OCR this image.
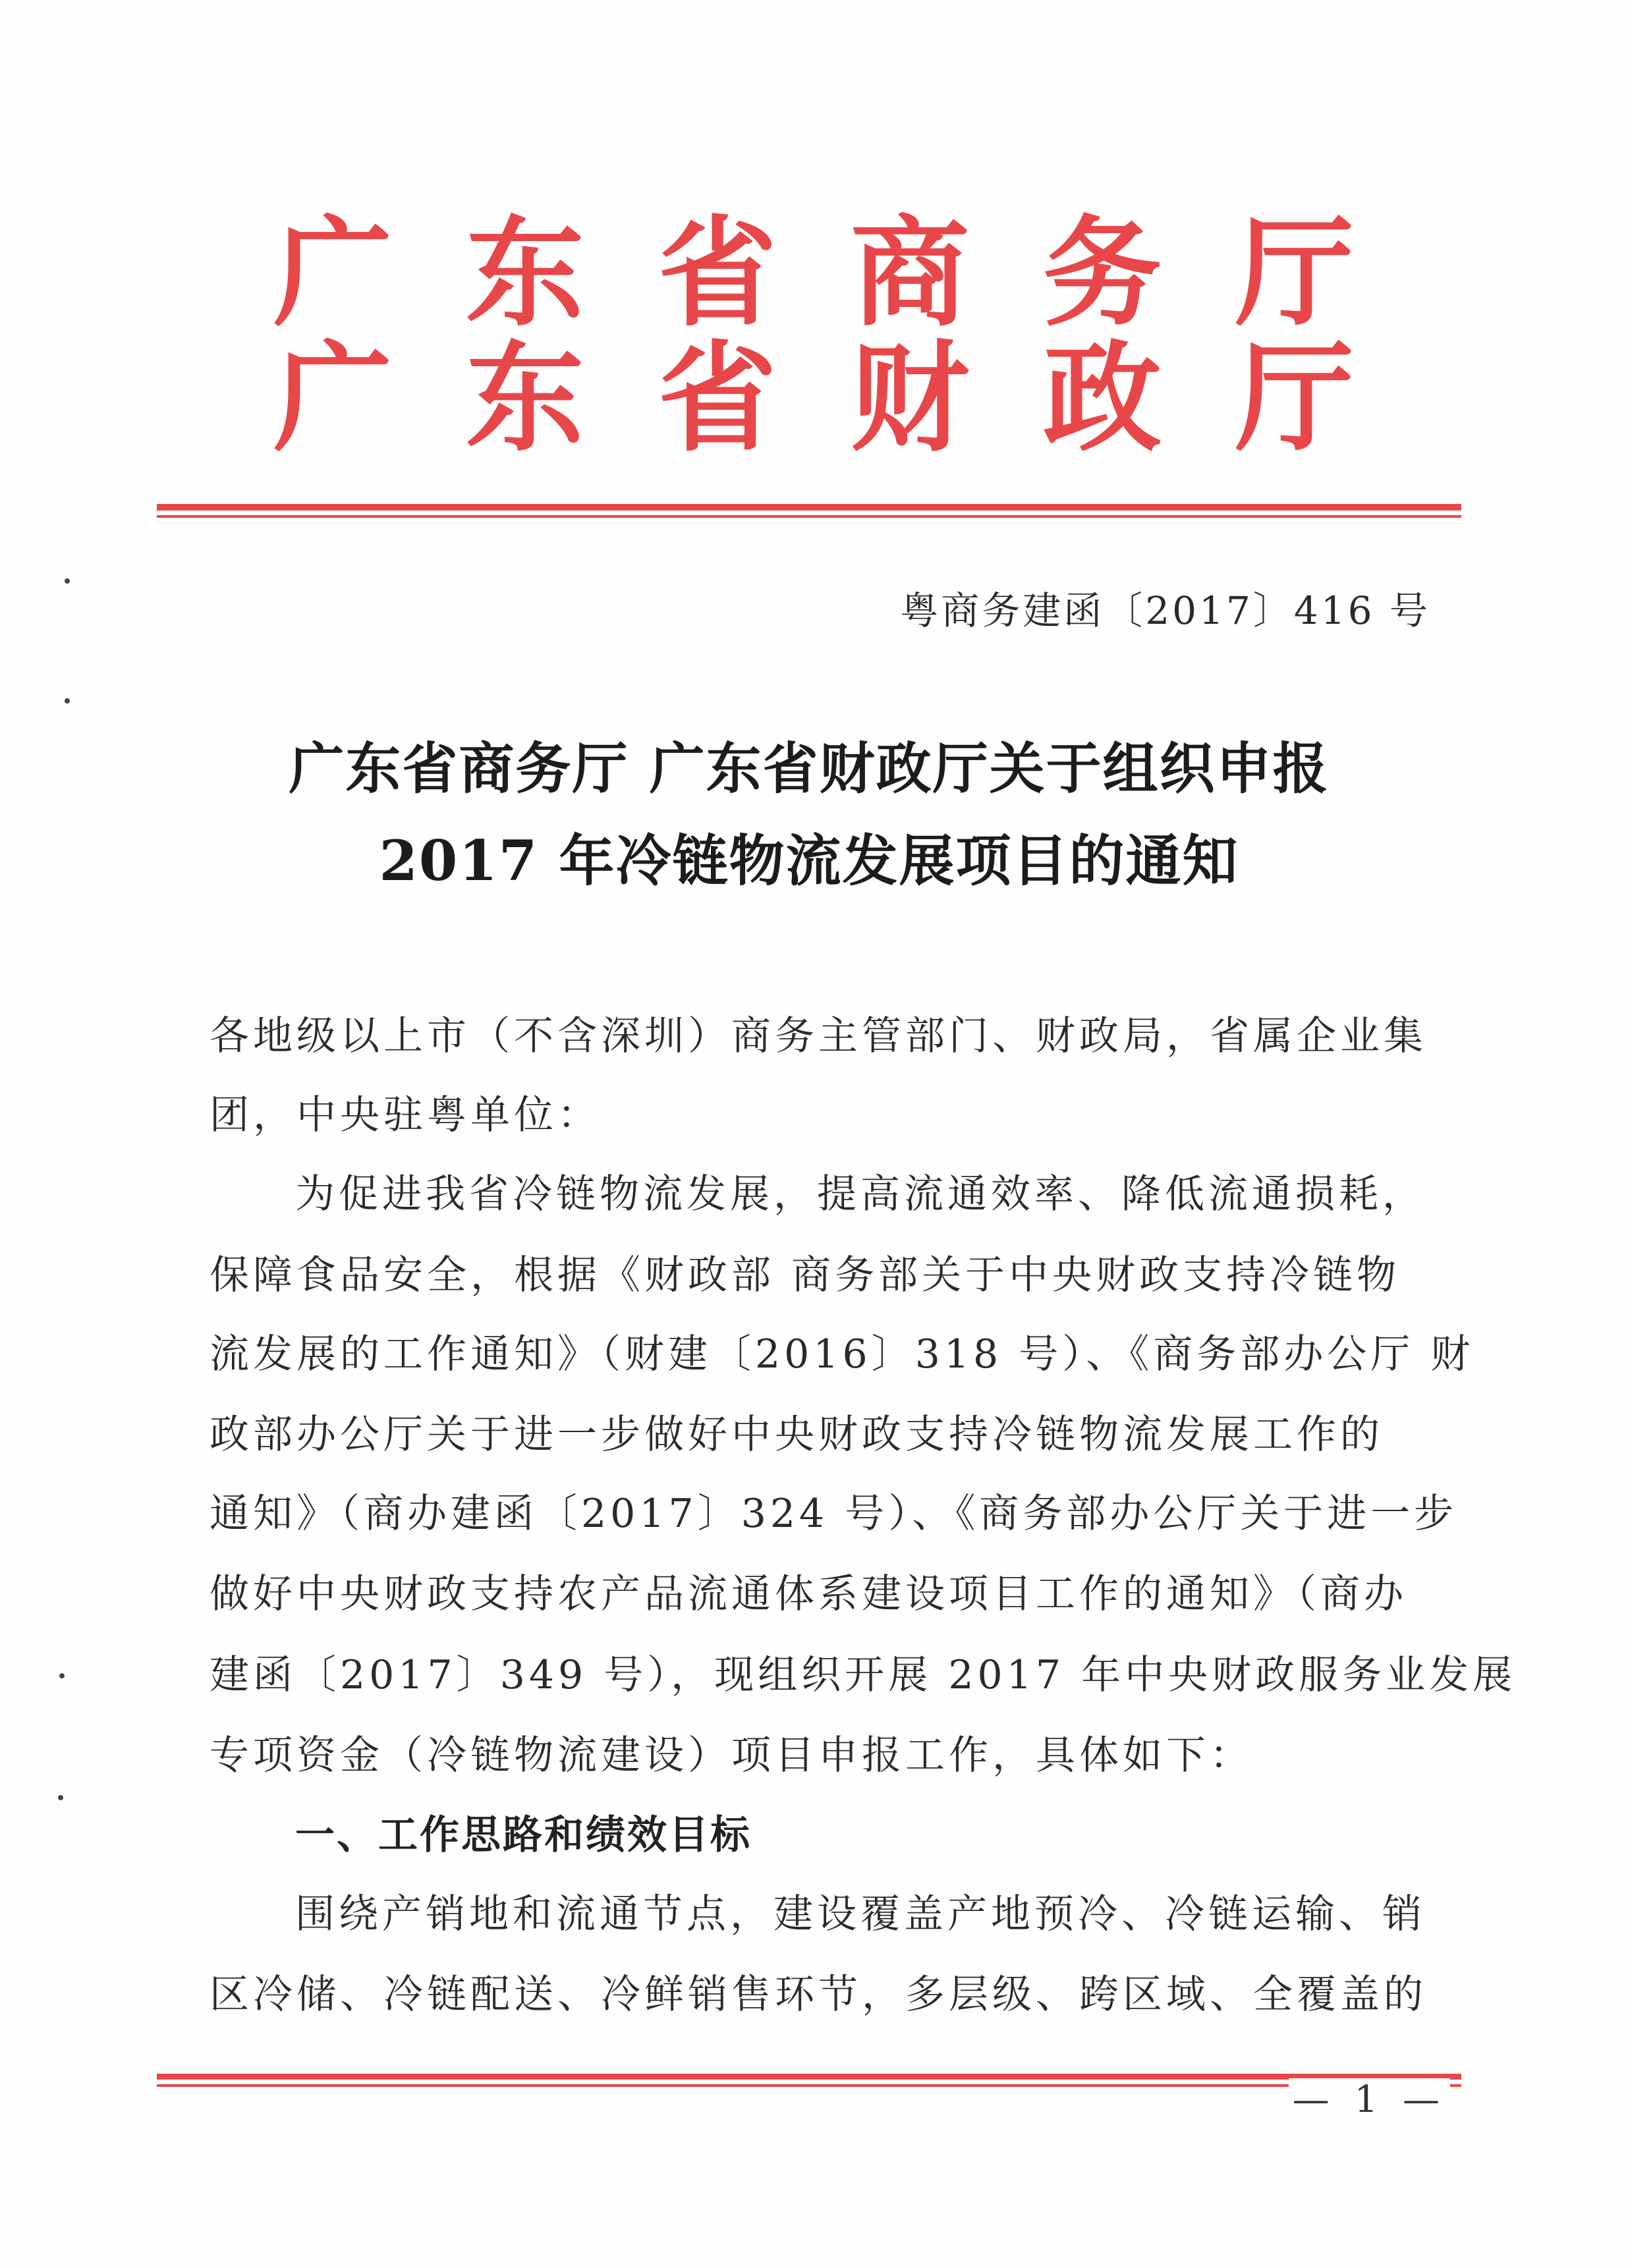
广 东 省 商 务 厅
广 东 省 财 政 厅
粤商务建函〔2017〕416 号
广东省商务厅 广东省财政厅关于组织申报
2017 年冷链物流发展项目的通知
各地级以上市（不含深圳）商务主管部门、财政局，省属企业集
团，中央驻粤单位：
为促进我省冷链物流发展，提高流通效率、降低流通损耗，
保障食品安全，根据《财政部 商务部关于中央财政支持冷链物
流发展的工作通知》（财建〔2016〕318 号）、《商务部办公厅 财
政部办公厅关于进一步做好中央财政支持冷链物流发展工作的
通知》（商办建函〔2017〕324 号）、《商务部办公厅关于进一步
做好中央财政支持农产品流通体系建设项目工作的通知》（商办
建函〔2017〕349 号），现组织开展 2017 年中央财政服务业发展
专项资金（冷链物流建设）项目申报工作，具体如下：
一、工作思路和绩效目标
围绕产销地和流通节点，建设覆盖产地预冷、冷链运输、销
区冷储、冷链配送、冷鲜销售环节，多层级、跨区域、全覆盖的
— 1 —
